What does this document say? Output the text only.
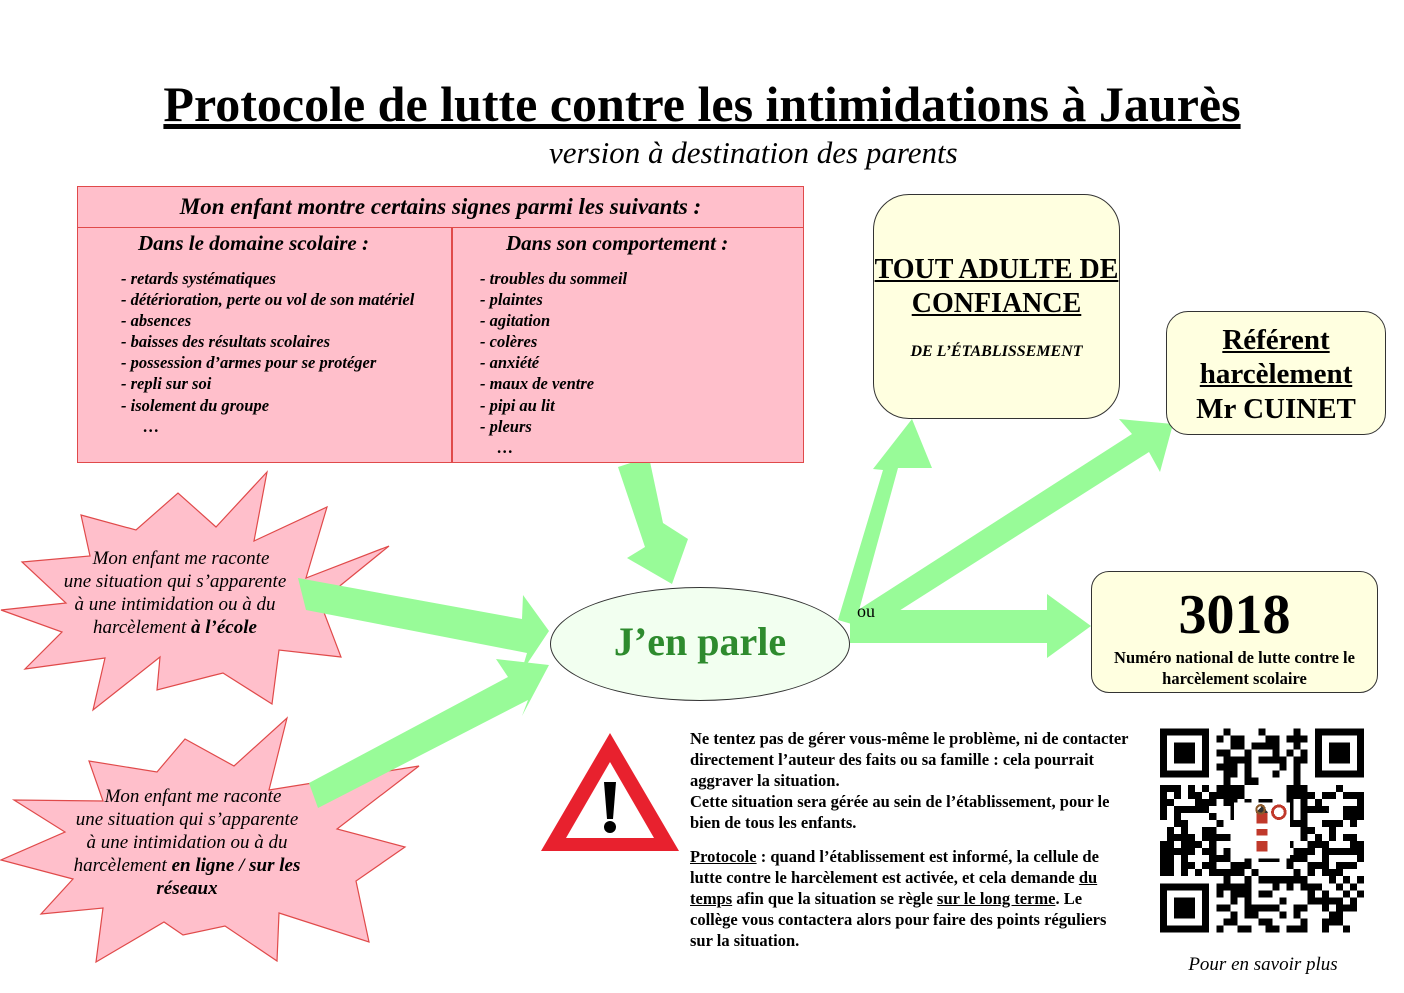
Protocole de lutte contre les intimidations à Jaurès
version à destination des parents
Mon enfant montre certains signes parmi les suivants :
Dans le domaine scolaire :	Dans son comportement :
- retards systématiques
- détérioration, perte ou vol de son matériel
- absences
- baisses des résultats scolaires
- possession d’armes pour se protéger
- repli sur soi
- isolement du groupe
…
- troubles du sommeil
- plaintes
- agitation
- colères
- anxiété
- maux de ventre
- pipi au lit
- pleurs
…
Mon enfant me raconte
une situation qui s’apparente
à une intimidation ou à du
harcèlement à l’école
Mon enfant me raconte
une situation qui s’apparente
à une intimidation ou à du
harcèlement en ligne / sur les
réseaux
J’en parle
ou
TOUT ADULTE DE CONFIANCE
DE L’ÉTABLISSEMENT	Référent harcèlement
Mr CUINET
3018
Numéro national de lutte contre le harcèlement scolaire
Ne tentez pas de gérer vous-même le problème, ni de contacter directement l’auteur des faits ou sa famille : cela pourrait aggraver la situation.
Cette situation sera gérée au sein de l’établissement, pour le bien de tous les enfants.
Protocole : quand l’établissement est informé, la cellule de lutte contre le harcèlement est activée, et cela demande du temps afin que la situation se règle sur le long terme. Le collège vous contactera alors pour faire des points réguliers sur la situation.
Pour en savoir plus
